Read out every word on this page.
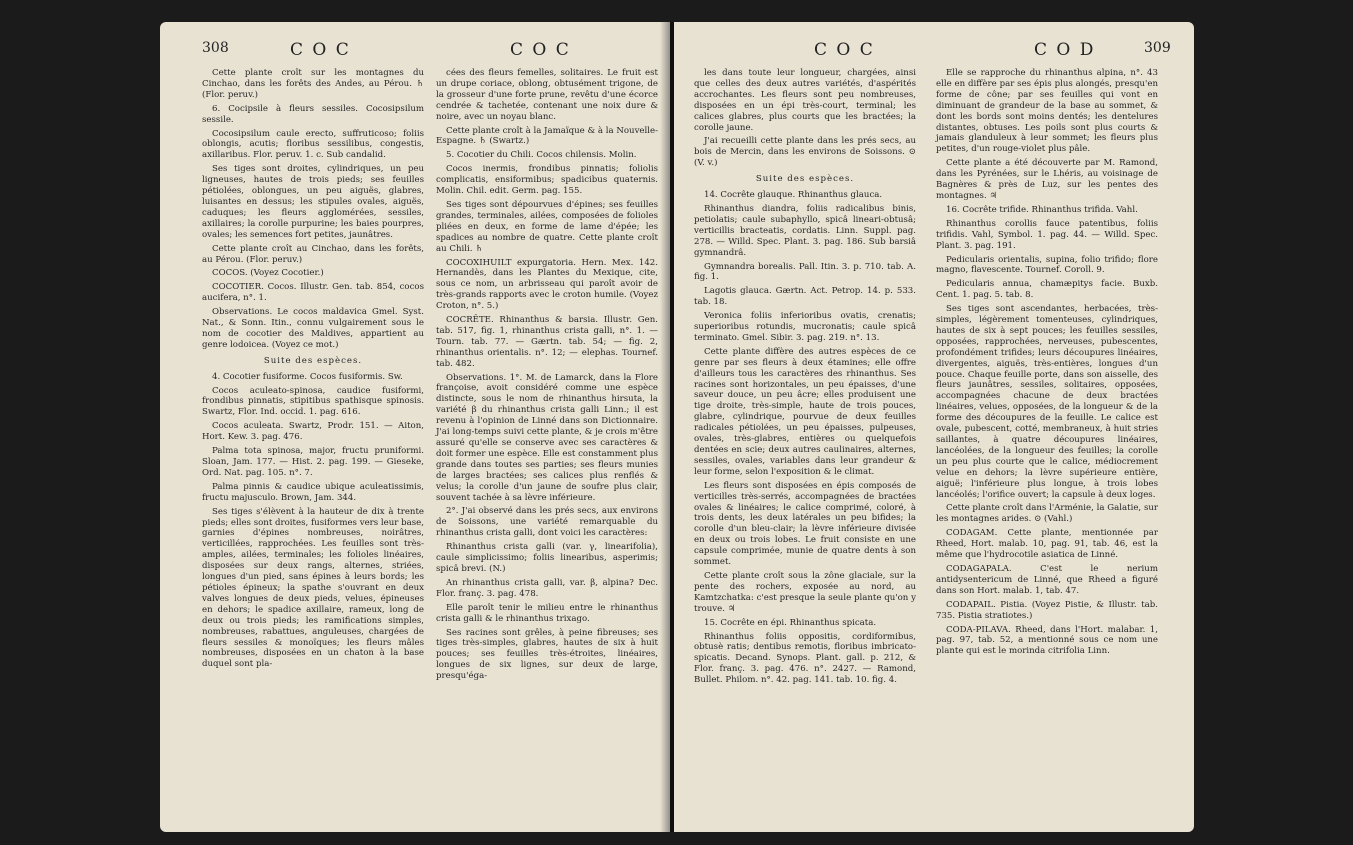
308	C O C	C O C

Cette plante croît sur les montagnes du Cinchao, dans les forêts des Andes, au Pérou. ♄ (Flor. peruv.)

6. Cocipsile à fleurs sessiles. Cocosipsilum sessile.

Cocosipsilum caule erecto, suffruticoso; foliis oblongis, acutis; floribus sessilibus, congestis, axillaribus. Flor. peruv. 1. c. Sub candalid.

Ses tiges sont droites, cylindriques, un peu ligneuses, hautes de trois pieds; ses feuilles pétiolées, oblongues, un peu aiguës, glabres, luisantes en dessus; les stipules ovales, aiguës, caduques; les fleurs agglomérées, sessiles, axillaires; la corolle purpurine; les baies pourpres, ovales; les semences fort petites, jaunâtres.

Cette plante croît au Cinchao, dans les forêts, au Pérou. (Flor. peruv.)

COCOS. (Voyez Cocotier.)

COCOTIER. Cocos. Illustr. Gen. tab. 854, cocos aucifera, n°. 1.

Observations. Le cocos maldavica Gmel. Syst. Nat., & Sonn. Itin., connu vulgairement sous le nom de cocotier des Maldives, appartient au genre lodoicea. (Voyez ce mot.)

Suite des espèces.

4. Cocotier fusiforme. Cocos fusiformis. Sw.

Cocos aculeato-spinosa, caudice fusiformi, frondibus pinnatis, stipitibus spathisque spinosis. Swartz, Flor. Ind. occid. 1. pag. 616.

Cocos aculeata. Swartz, Prodr. 151. — Aiton, Hort. Kew. 3. pag. 476.

Palma tota spinosa, major, fructu pruniformi. Sloan, Jam. 177. — Hist. 2. pag. 199. — Gieseke, Ord. Nat. pag. 105. n°. 7.

Palma pinnis & caudice ubique aculeatissimis, fructu majusculo. Brown, Jam. 344.

Ses tiges s'élèvent à la hauteur de dix à trente pieds; elles sont droites, fusiformes vers leur base, garnies d'épines nombreuses, noirâtres, verticillées, rapprochées. Les feuilles sont très-amples, ailées, terminales; les folioles linéaires, disposées sur deux rangs, alternes, striées, longues d'un pied, sans épines à leurs bords; les pétioles épineux; la spathe s'ouvrant en deux valves longues de deux pieds, velues, épineuses en dehors; le spadice axillaire, rameux, long de deux ou trois pieds; les ramifications simples, nombreuses, rabattues, anguleuses, chargées de fleurs sessiles & monoïques; les fleurs mâles nombreuses, disposées en un chaton à la base duquel sont pla-

cées des fleurs femelles, solitaires. Le fruit est un drupe coriace, oblong, obtusément trigone, de la grosseur d'une forte prune, revêtu d'une écorce cendrée & tachetée, contenant une noix dure & noire, avec un noyau blanc.

Cette plante croît à la Jamaïque & à la Nouvelle-Espagne. ♄ (Swartz.)

5. Cocotier du Chili. Cocos chilensis. Molin.

Cocos inermis, frondibus pinnatis; foliolis complicatis, ensiformibus; spadicibus quaternis. Molin. Chil. edit. Germ. pag. 155.

Ses tiges sont dépourvues d'épines; ses feuilles grandes, terminales, ailées, composées de folioles pliées en deux, en forme de lame d'épée; les spadices au nombre de quatre. Cette plante croît au Chili. ♄

COCOXIHUILT expurgatoria. Hern. Mex. 142. Hernandès, dans les Plantes du Mexique, cite, sous ce nom, un arbrisseau qui paroît avoir de très-grands rapports avec le croton humile. (Voyez Croton, n°. 5.)

COCRÊTE. Rhinanthus & barsia. Illustr. Gen. tab. 517, fig. 1, rhinanthus crista galli, n°. 1. — Tourn. tab. 77. — Gærtn. tab. 54; — fig. 2, rhinanthus orientalis. n°. 12; — elephas. Tournef. tab. 482.

Observations. 1°. M. de Lamarck, dans la Flore françoise, avoit considéré comme une espèce distincte, sous le nom de rhinanthus hirsuta, la variété β du rhinanthus crista galli Linn.; il est revenu à l'opinion de Linné dans son Dictionnaire. J'ai long-temps suivi cette plante, & je crois m'être assuré qu'elle se conserve avec ses caractères & doit former une espèce. Elle est constamment plus grande dans toutes ses parties; ses fleurs munies de larges bractées; ses calices plus renflés & velus; la corolle d'un jaune de soufre plus clair, souvent tachée à sa lèvre inférieure.

2°. J'ai observé dans les prés secs, aux environs de Soissons, une variété remarquable du rhinanthus crista galli, dont voici les caractères:

Rhinanthus crista galli (var. γ, linearifolia), caule simplicissimo; foliis linearibus, asperimis; spicâ brevi. (N.)

An rhinanthus crista galli, var. β, alpina? Dec. Flor. franç. 3. pag. 478.

Elle paroît tenir le milieu entre le rhinanthus crista galli & le rhinanthus trixago.

Ses racines sont grêles, à peine fibreuses; ses tiges très-simples, glabres, hautes de six à huit pouces; ses feuilles très-étroites, linéaires, longues de six lignes, sur deux de large, presqu'éga-

C O C	C O D	309

les dans toute leur longueur, chargées, ainsi que celles des deux autres variétés, d'aspérités accrochantes. Les fleurs sont peu nombreuses, disposées en un épi très-court, terminal; les calices glabres, plus courts que les bractées; la corolle jaune.

J'ai recueilli cette plante dans les prés secs, au bois de Mercin, dans les environs de Soissons. ⊙ (V. v.)

Suite des espèces.

14. Cocrête glauque. Rhinanthus glauca.

Rhinanthus diandra, foliis radicalibus binis, petiolatis; caule subaphyllo, spicâ lineari-obtusâ; verticillis bracteatis, cordatis. Linn. Suppl. pag. 278. — Willd. Spec. Plant. 3. pag. 186. Sub barsiâ gymnandrâ.

Gymnandra borealis. Pall. Itin. 3. p. 710. tab. A. fig. 1.

Lagotis glauca. Gærtn. Act. Petrop. 14. p. 533. tab. 18.

Veronica foliis inferioribus ovatis, crenatis; superioribus rotundis, mucronatis; caule spicâ terminato. Gmel. Sibir. 3. pag. 219. n°. 13.

Cette plante diffère des autres espèces de ce genre par ses fleurs à deux étamines; elle offre d'ailleurs tous les caractères des rhinanthus. Ses racines sont horizontales, un peu épaisses, d'une saveur douce, un peu âcre; elles produisent une tige droite, très-simple, haute de trois pouces, glabre, cylindrique, pourvue de deux feuilles radicales pétiolées, un peu épaisses, pulpeuses, ovales, très-glabres, entières ou quelquefois dentées en scie; deux autres caulinaires, alternes, sessiles, ovales, variables dans leur grandeur & leur forme, selon l'exposition & le climat.

Les fleurs sont disposées en épis composés de verticilles très-serrés, accompagnées de bractées ovales & linéaires; le calice comprimé, coloré, à trois dents, les deux latérales un peu bifides; la corolle d'un bleu-clair; la lèvre inférieure divisée en deux ou trois lobes. Le fruit consiste en une capsule comprimée, munie de quatre dents à son sommet.

Cette plante croît sous la zône glaciale, sur la pente des rochers, exposée au nord, au Kamtzchatka: c'est presque la seule plante qu'on y trouve. ♃

15. Cocrête en épi. Rhinanthus spicata.

Rhinanthus foliis oppositis, cordiformibus, obtusè ratis; dentibus remotis, floribus imbricato-spicatis. Decand. Synops. Plant. gall. p. 212, & Flor. franç. 3. pag. 476. n°. 2427. — Ramond, Bullet. Philom. n°. 42. pag. 141. tab. 10. fig. 4.

Elle se rapproche du rhinanthus alpina, n°. 43 elle en diffère par ses épis plus alongés, presqu'en forme de cône; par ses feuilles qui vont en diminuant de grandeur de la base au sommet, & dont les bords sont moins dentés; les dentelures distantes, obtuses. Les poils sont plus courts & jamais glanduleux à leur sommet; les fleurs plus petites, d'un rouge-violet plus pâle.

Cette plante a été découverte par M. Ramond, dans les Pyrénées, sur le Lhéris, au voisinage de Bagnères & près de Luz, sur les pentes des montagnes. ♃

16. Cocrête trifide. Rhinanthus trifida. Vahl.

Rhinanthus corollis fauce patentibus, foliis trifidis. Vahl, Symbol. 1. pag. 44. — Willd. Spec. Plant. 3. pag. 191.

Pedicularis orientalis, supina, folio trifido; flore magno, flavescente. Tournef. Coroll. 9.

Pedicularis annua, chamæpitys facie. Buxb. Cent. 1. pag. 5. tab. 8.

Ses tiges sont ascendantes, herbacées, très-simples, légèrement tomenteuses, cylindriques, hautes de six à sept pouces; les feuilles sessiles, opposées, rapprochées, nerveuses, pubescentes, profondément trifides; leurs découpures linéaires, divergentes, aiguës, très-entières, longues d'un pouce. Chaque feuille porte, dans son aisselle, des fleurs jaunâtres, sessiles, solitaires, opposées, accompagnées chacune de deux bractées linéaires, velues, opposées, de la longueur & de la forme des découpures de la feuille. Le calice est ovale, pubescent, cotté, membraneux, à huit stries saillantes, à quatre découpures linéaires, lancéolées, de la longueur des feuilles; la corolle un peu plus courte que le calice, médiocrement velue en dehors; la lèvre supérieure entière, aiguë; l'inférieure plus longue, à trois lobes lancéolés; l'orifice ouvert; la capsule à deux loges.

Cette plante croît dans l'Arménie, la Galatie, sur les montagnes arides. ⊙ (Vahl.)

CODAGAM. Cette plante, mentionnée par Rheed, Hort. malab. 10, pag. 91, tab. 46, est la même que l'hydrocotile asiatica de Linné.

CODAGAPALA. C'est le nerium antidysentericum de Linné, que Rheed a figuré dans son Hort. malab. 1, tab. 47.

CODAPAIL. Pistia. (Voyez Pistie, & Illustr. tab. 735. Pistia stratiotes.)

CODA-PILAVA. Rheed, dans l'Hort. malabar. 1, pag. 97, tab. 52, a mentionné sous ce nom une plante qui est le morinda citrifolia Linn.
